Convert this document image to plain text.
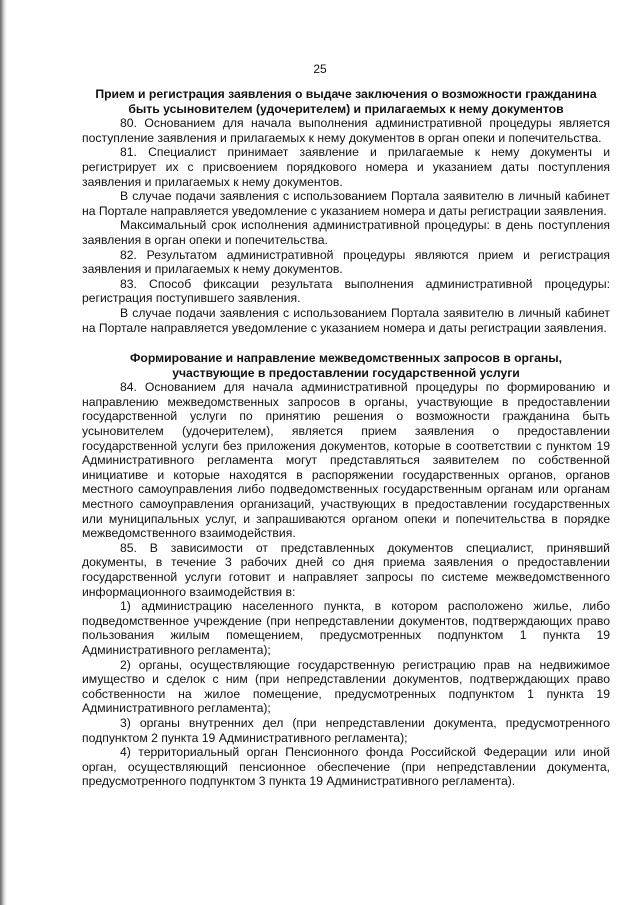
25

Прием и регистрация заявления о выдаче заключения о возможности гражданина
быть усыновителем (удочерителем) и прилагаемых к нему документов

80. Основанием для начала выполнения административной процедуры является поступление заявления и прилагаемых к нему документов в орган опеки и попечительства.

81. Специалист принимает заявление и прилагаемые к нему документы и регистрирует их с присвоением порядкового номера и указанием даты поступления заявления и прилагаемых к нему документов.

В случае подачи заявления с использованием Портала заявителю в личный кабинет на Портале направляется уведомление с указанием номера и даты регистрации заявления.

Максимальный срок исполнения административной процедуры: в день поступления заявления в орган опеки и попечительства.

82. Результатом административной процедуры являются прием и регистрация заявления и прилагаемых к нему документов.

83. Способ фиксации результата выполнения административной процедуры: регистрация поступившего заявления.

В случае подачи заявления с использованием Портала заявителю в личный кабинет на Портале направляется уведомление с указанием номера и даты регистрации заявления.

Формирование и направление межведомственных запросов в органы,
участвующие в предоставлении государственной услуги

84. Основанием для начала административной процедуры по формированию и направлению межведомственных запросов в органы, участвующие в предоставлении государственной услуги по принятию решения о возможности гражданина быть усыновителем (удочерителем), является прием заявления о предоставлении государственной услуги без приложения документов, которые в соответствии с пунктом 19 Административного регламента могут представляться заявителем по собственной инициативе и которые находятся в распоряжении государственных органов, органов местного самоуправления либо подведомственных государственным органам или органам местного самоуправления организаций, участвующих в предоставлении государственных или муниципальных услуг, и запрашиваются органом опеки и попечительства в порядке межведомственного взаимодействия.

85. В зависимости от представленных документов специалист, принявший документы, в течение 3 рабочих дней со дня приема заявления о предоставлении государственной услуги готовит и направляет запросы по системе межведомственного информационного взаимодействия в:

1) администрацию населенного пункта, в котором расположено жилье, либо подведомственное учреждение (при непредставлении документов, подтверждающих право пользования жилым помещением, предусмотренных подпунктом 1 пункта 19 Административного регламента);

2) органы, осуществляющие государственную регистрацию прав на недвижимое имущество и сделок с ним (при непредставлении документов, подтверждающих право собственности на жилое помещение, предусмотренных подпунктом 1 пункта 19 Административного регламента);

3) органы внутренних дел (при непредставлении документа, предусмотренного подпунктом 2 пункта 19 Административного регламента);

4) территориальный орган Пенсионного фонда Российской Федерации или иной орган, осуществляющий пенсионное обеспечение (при непредставлении документа, предусмотренного подпунктом 3 пункта 19 Административного регламента).
